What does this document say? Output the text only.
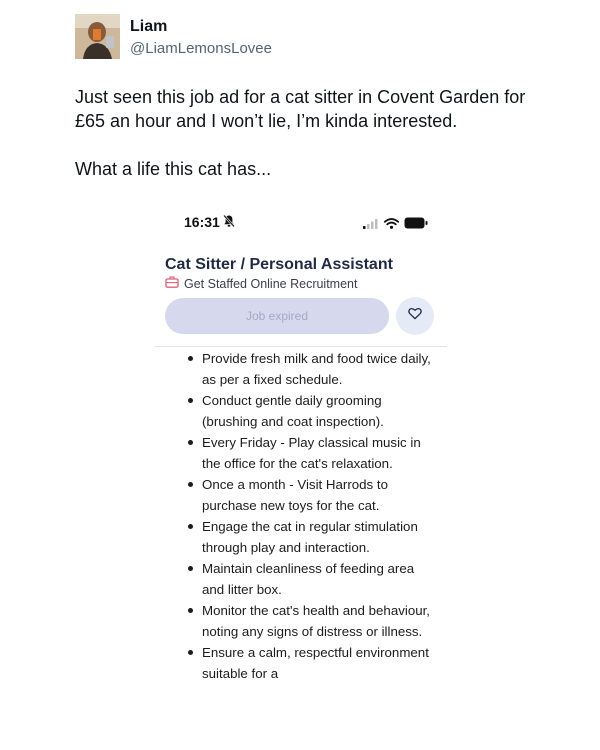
Liam
@LiamLemonsLovee

Just seen this job ad for a cat sitter in Covent Garden for £65 an hour and I won’t lie, I’m kinda interested.

What a life this cat has...

16:31
Cat Sitter / Personal Assistant
Get Staffed Online Recruitment
Job expired
Provide fresh milk and food twice daily, as per a fixed schedule.
Conduct gentle daily grooming (brushing and coat inspection).
Every Friday - Play classical music in the office for the cat's relaxation.
Once a month - Visit Harrods to purchase new toys for the cat.
Engage the cat in regular stimulation through play and interaction.
Maintain cleanliness of feeding area and litter box.
Monitor the cat's health and behaviour, noting any signs of distress or illness.
Ensure a calm, respectful environment suitable for a
